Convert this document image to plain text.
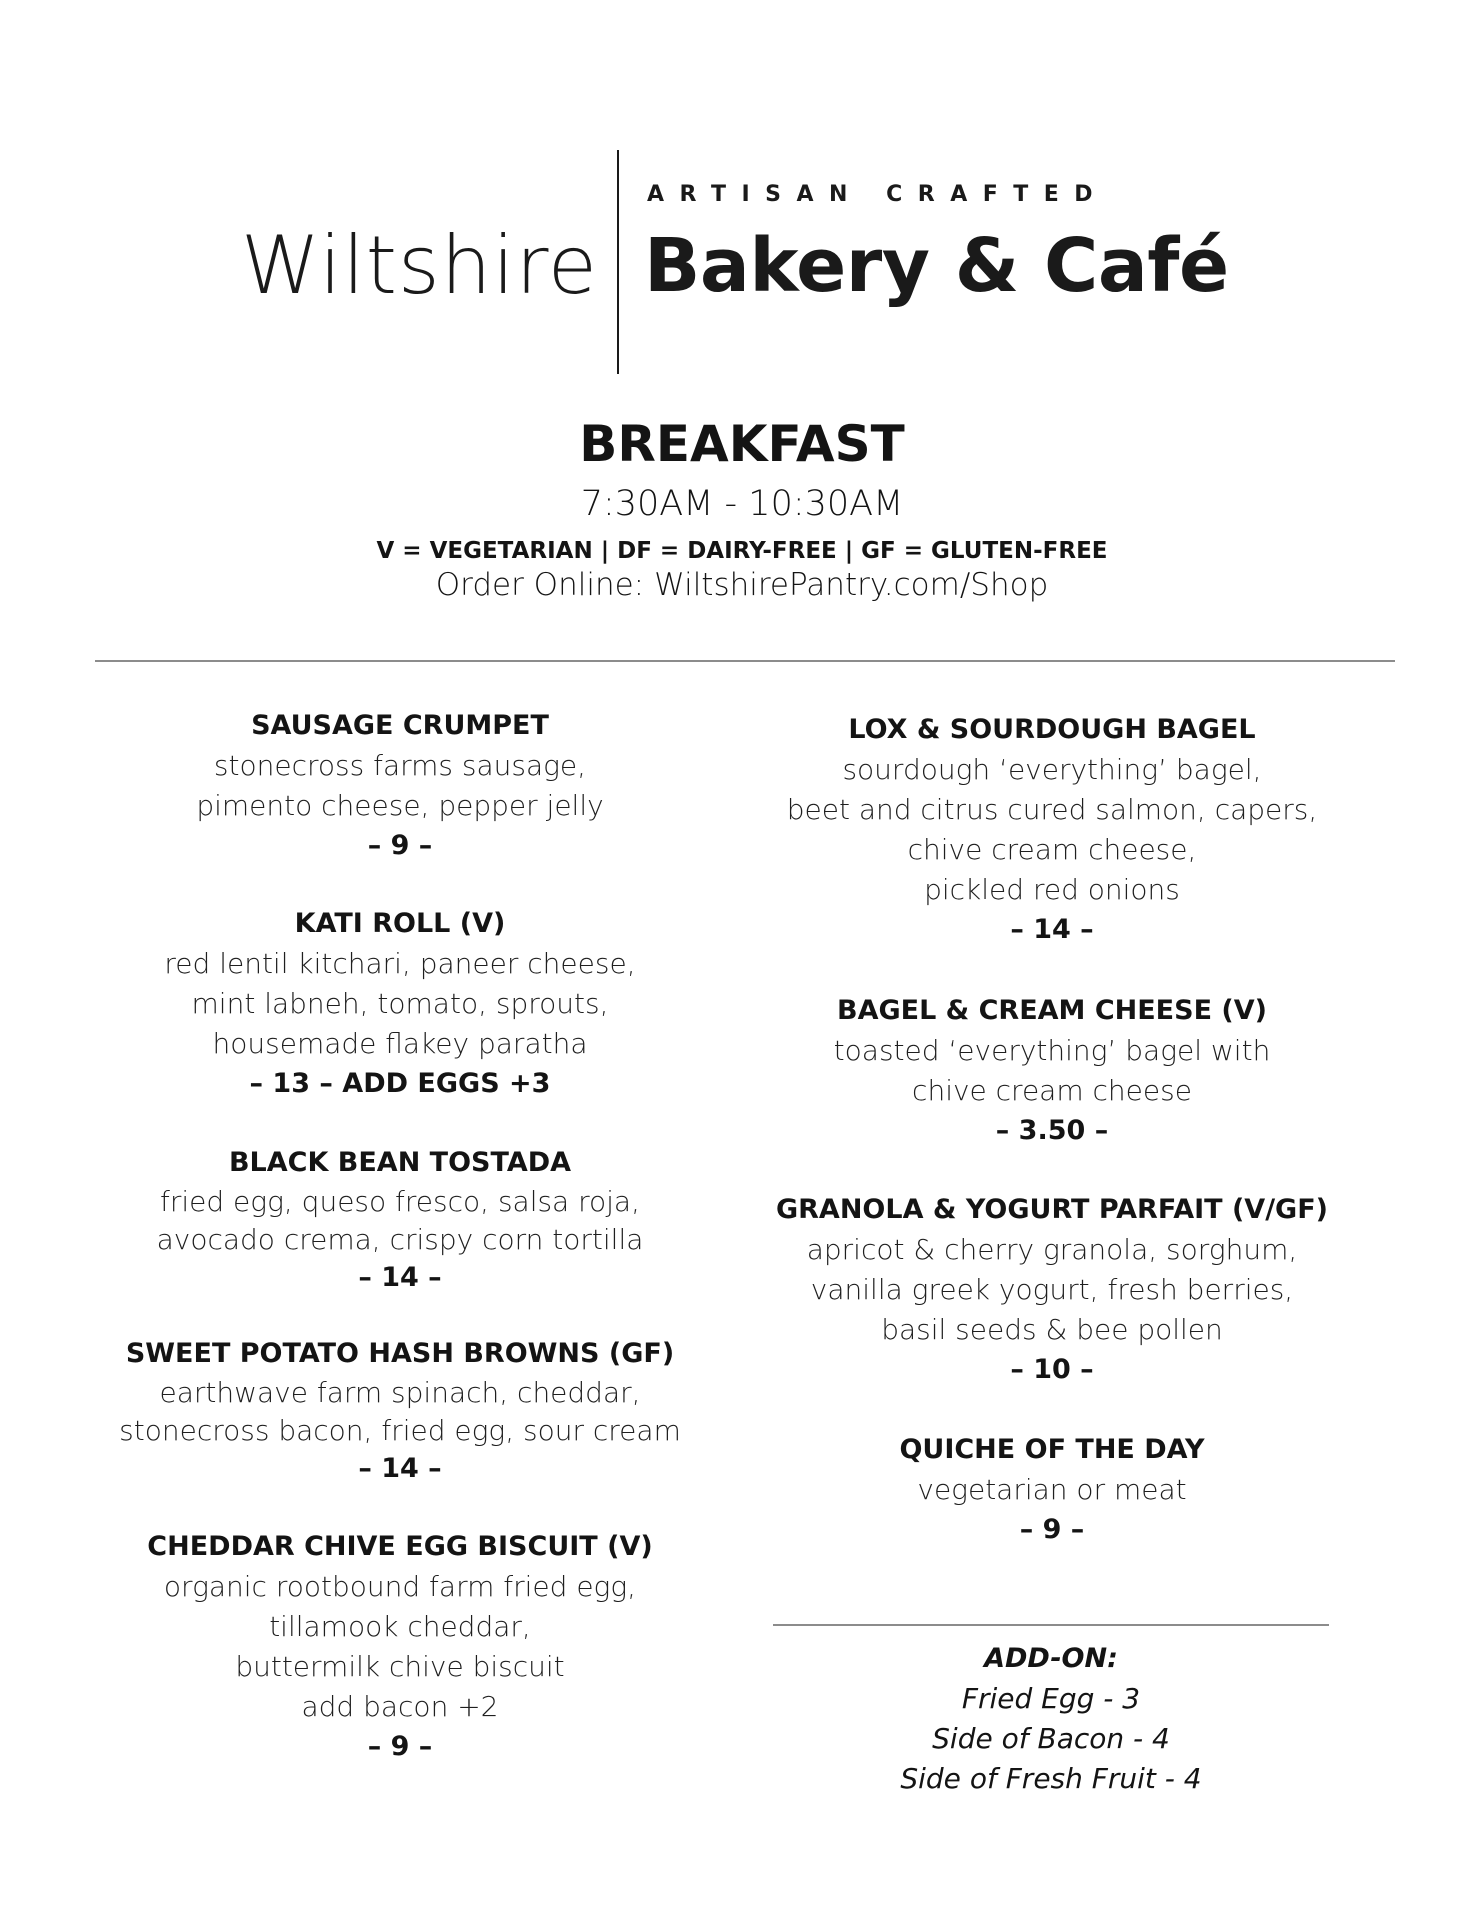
Wiltshire
ARTISAN CRAFTED
Bakery & Café
BREAKFAST
7:30AM - 10:30AM
V = VEGETARIAN | DF = DAIRY-FREE | GF = GLUTEN-FREE
Order Online: WiltshirePantry.com/Shop
SAUSAGE CRUMPET
stonecross farms sausage,
pimento cheese, pepper jelly
– 9 –
KATI ROLL (V)
red lentil kitchari, paneer cheese,
mint labneh, tomato, sprouts,
housemade flakey paratha
– 13 – ADD EGGS +3
BLACK BEAN TOSTADA
fried egg, queso fresco, salsa roja,
avocado crema, crispy corn tortilla
– 14 –
SWEET POTATO HASH BROWNS (GF)
earthwave farm spinach, cheddar,
stonecross bacon, fried egg, sour cream
– 14 –
CHEDDAR CHIVE EGG BISCUIT (V)
organic rootbound farm fried egg,
tillamook cheddar,
buttermilk chive biscuit
add bacon +2
– 9 –
LOX & SOURDOUGH BAGEL
sourdough ‘everything’ bagel,
beet and citrus cured salmon, capers,
chive cream cheese,
pickled red onions
– 14 –
BAGEL & CREAM CHEESE (V)
toasted ‘everything’ bagel with
chive cream cheese
– 3.50 –
GRANOLA & YOGURT PARFAIT (V/GF)
apricot & cherry granola, sorghum,
vanilla greek yogurt, fresh berries,
basil seeds & bee pollen
– 10 –
QUICHE OF THE DAY
vegetarian or meat
– 9 –
ADD-ON:
Fried Egg - 3
Side of Bacon - 4
Side of Fresh Fruit - 4
